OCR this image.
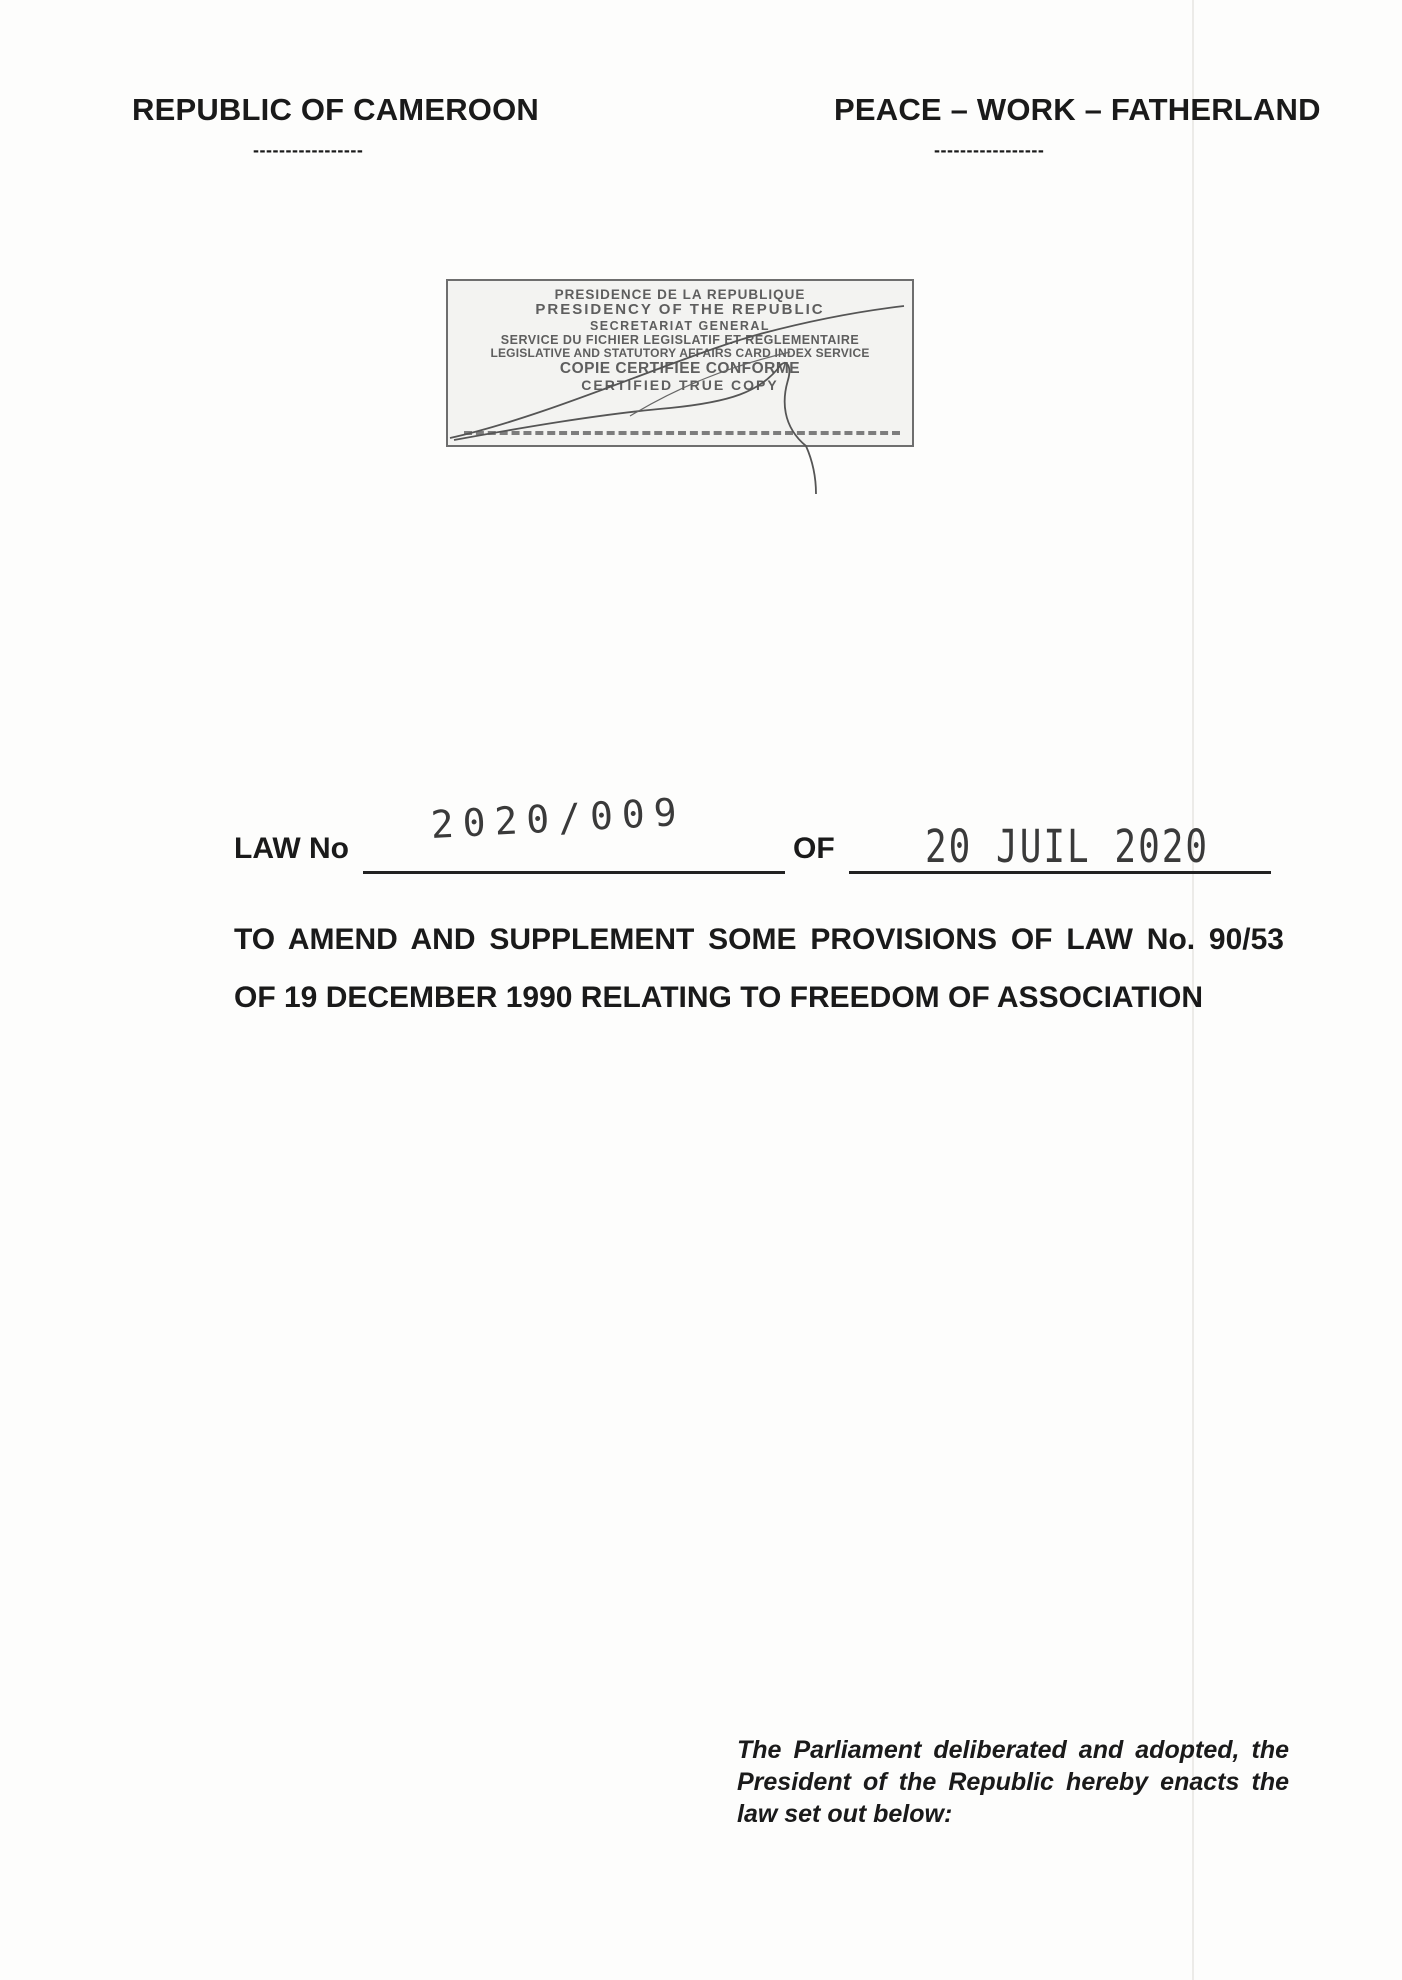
REPUBLIC OF CAMEROON
-----------------
PEACE – WORK – FATHERLAND
-----------------
PRESIDENCE DE LA REPUBLIQUE
PRESIDENCY OF THE REPUBLIC
SECRETARIAT GENERAL
SERVICE DU FICHIER LEGISLATIF ET REGLEMENTAIRE
LEGISLATIVE AND STATUTORY AFFAIRS CARD INDEX SERVICE
COPIE CERTIFIEE CONFORME
CERTIFIED TRUE COPY
LAW No
2020/009
OF	20 JUIL 2020
TO AMEND AND SUPPLEMENT SOME PROVISIONS OF LAW No. 90/53 OF 19 DECEMBER 1990 RELATING TO FREEDOM OF ASSOCIATION
The Parliament deliberated and adopted, the President of the Republic hereby enacts the law set out below:
